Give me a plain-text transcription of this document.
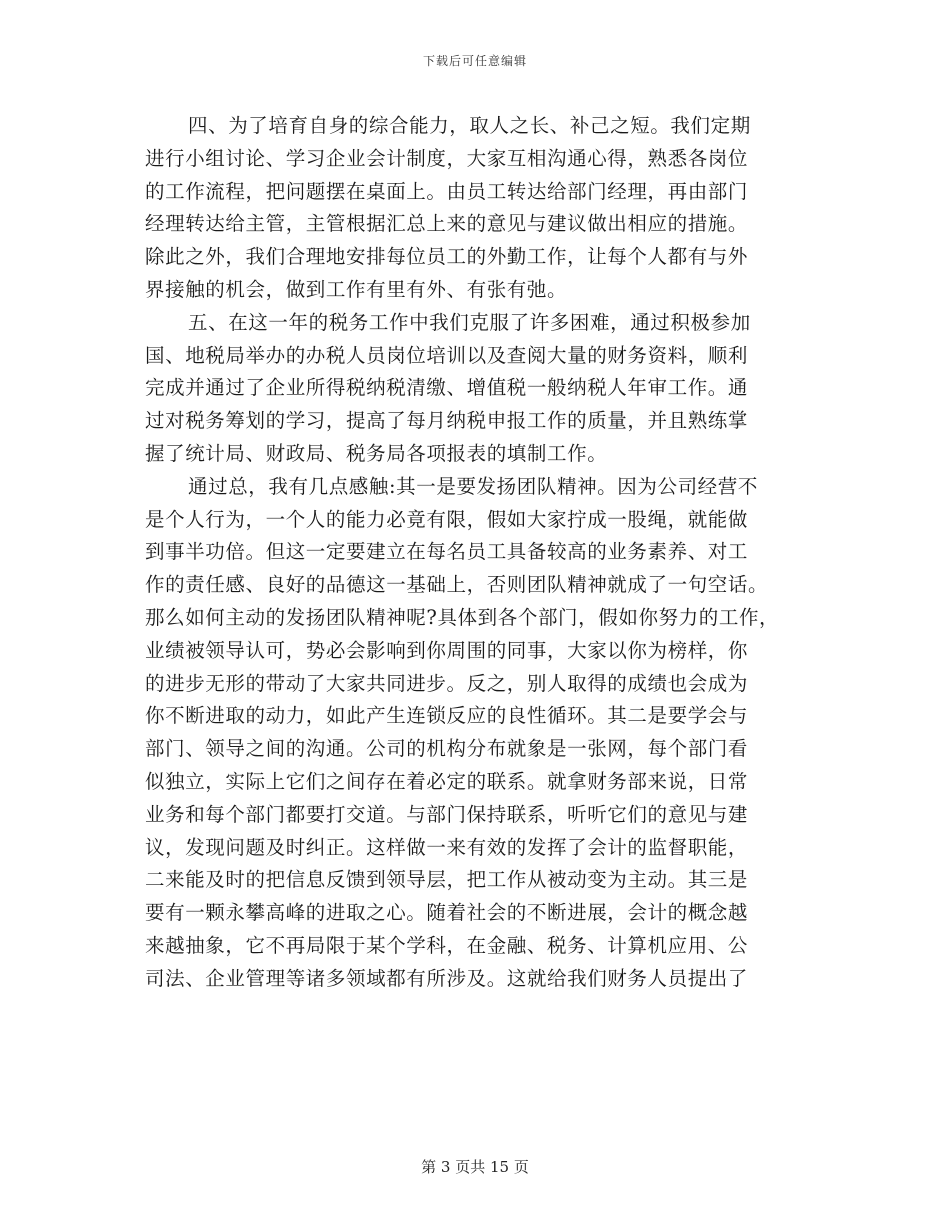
下载后可任意编辑
四、为了培育自身的综合能力，取人之长、补己之短。我们定期
进行小组讨论、学习企业会计制度，大家互相沟通心得，熟悉各岗位
的工作流程，把问题摆在桌面上。由员工转达给部门经理，再由部门
经理转达给主管，主管根据汇总上来的意见与建议做出相应的措施。
除此之外，我们合理地安排每位员工的外勤工作，让每个人都有与外
界接触的机会，做到工作有里有外、有张有弛。
五、在这一年的税务工作中我们克服了许多困难，通过积极参加
国、地税局举办的办税人员岗位培训以及查阅大量的财务资料，顺利
完成并通过了企业所得税纳税清缴、增值税一般纳税人年审工作。通
过对税务筹划的学习，提高了每月纳税申报工作的质量，并且熟练掌
握了统计局、财政局、税务局各项报表的填制工作。
通过总，我有几点感触:其一是要发扬团队精神。因为公司经营不
是个人行为，一个人的能力必竟有限，假如大家拧成一股绳，就能做
到事半功倍。但这一定要建立在每名员工具备较高的业务素养、对工
作的责任感、良好的品德这一基础上，否则团队精神就成了一句空话。
那么如何主动的发扬团队精神呢?具体到各个部门，假如你努力的工作，
业绩被领导认可，势必会影响到你周围的同事，大家以你为榜样，你
的进步无形的带动了大家共同进步。反之，别人取得的成绩也会成为
你不断进取的动力，如此产生连锁反应的良性循环。其二是要学会与
部门、领导之间的沟通。公司的机构分布就象是一张网，每个部门看
似独立，实际上它们之间存在着必定的联系。就拿财务部来说，日常
业务和每个部门都要打交道。与部门保持联系，听听它们的意见与建
议，发现问题及时纠正。这样做一来有效的发挥了会计的监督职能，
二来能及时的把信息反馈到领导层，把工作从被动变为主动。其三是
要有一颗永攀高峰的进取之心。随着社会的不断进展，会计的概念越
来越抽象，它不再局限于某个学科，在金融、税务、计算机应用、公
司法、企业管理等诸多领域都有所涉及。这就给我们财务人员提出了
第 3 页共 15 页
